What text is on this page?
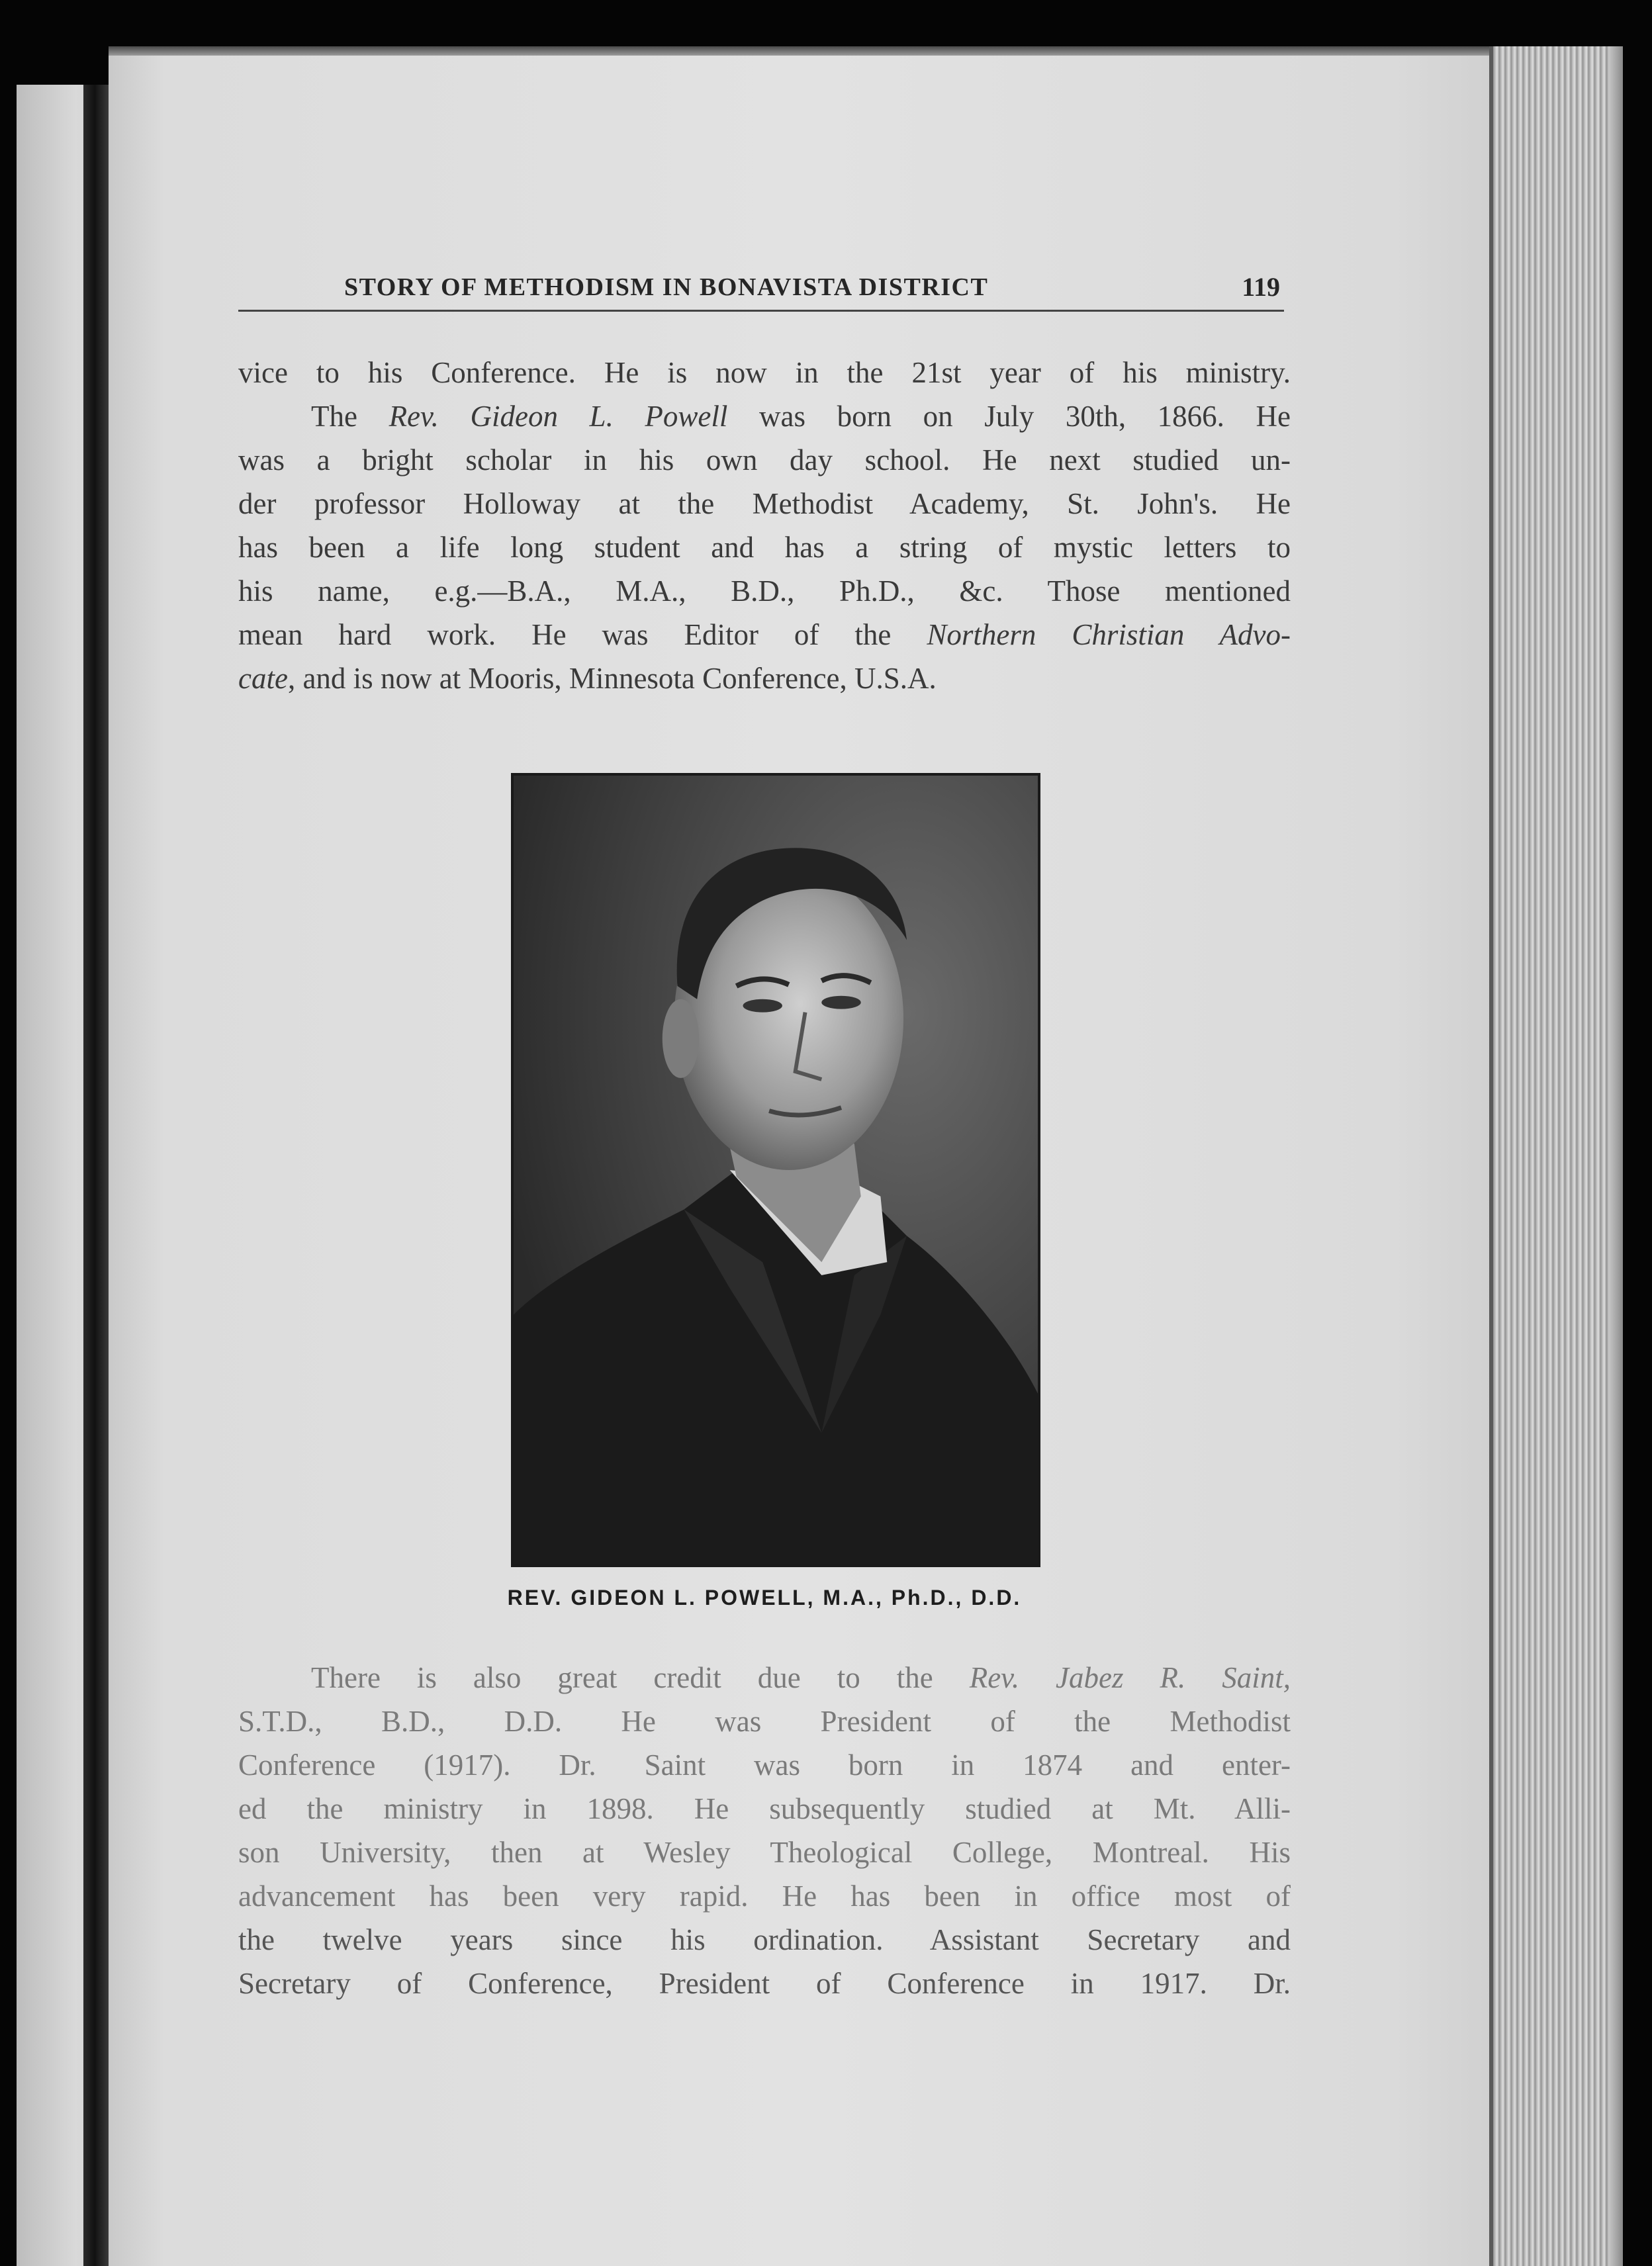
STORY OF METHODISM IN BONAVISTA DISTRICT	119

vice to his Conference. He is now in the 21st year of his ministry.
The Rev. Gideon L. Powell was born on July 30th, 1866. He
was a bright scholar in his own day school. He next studied un-
der professor Holloway at the Methodist Academy, St. John's. He
has been a life long student and has a string of mystic letters to
his name, e.g.—B.A., M.A., B.D., Ph.D., &c. Those mentioned
mean hard work. He was Editor of the Northern Christian Advo-
cate, and is now at Mooris, Minnesota Conference, U.S.A.

REV. GIDEON L. POWELL, M.A., Ph.D., D.D.

There is also great credit due to the Rev. Jabez R. Saint,
S.T.D., B.D., D.D. He was President of the Methodist
Conference (1917). Dr. Saint was born in 1874 and enter-
ed the ministry in 1898. He subsequently studied at Mt. Alli-
son University, then at Wesley Theological College, Montreal. His
advancement has been very rapid. He has been in office most of
the twelve years since his ordination. Assistant Secretary and
Secretary of Conference, President of Conference in 1917. Dr.
